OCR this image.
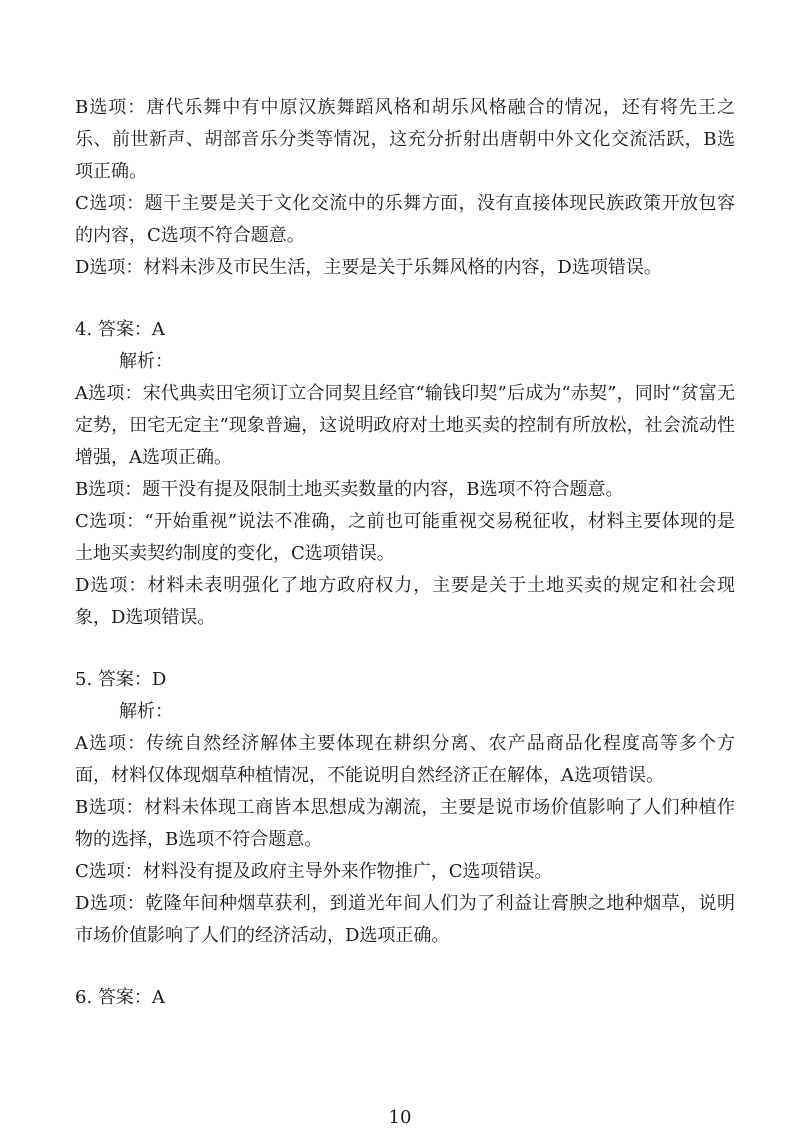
B选项：唐代乐舞中有中原汉族舞蹈风格和胡乐风格融合的情况，还有将先王之乐、前世新声、胡部音乐分类等情况，这充分折射出唐朝中外文化交流活跃，B选项正确。

C选项：题干主要是关于文化交流中的乐舞方面，没有直接体现民族政策开放包容的内容，C选项不符合题意。

D选项：材料未涉及市民生活，主要是关于乐舞风格的内容，D选项错误。

4. 答案：A

解析：

A选项：宋代典卖田宅须订立合同契且经官“输钱印契”后成为“赤契”，同时“贫富无定势，田宅无定主”现象普遍，这说明政府对土地买卖的控制有所放松，社会流动性增强，A选项正确。

B选项：题干没有提及限制土地买卖数量的内容，B选项不符合题意。

C选项：“开始重视”说法不准确，之前也可能重视交易税征收，材料主要体现的是土地买卖契约制度的变化，C选项错误。

D选项：材料未表明强化了地方政府权力，主要是关于土地买卖的规定和社会现象，D选项错误。

5. 答案：D

解析：

A选项：传统自然经济解体主要体现在耕织分离、农产品商品化程度高等多个方面，材料仅体现烟草种植情况，不能说明自然经济正在解体，A选项错误。

B选项：材料未体现工商皆本思想成为潮流，主要是说市场价值影响了人们种植作物的选择，B选项不符合题意。

C选项：材料没有提及政府主导外来作物推广，C选项错误。

D选项：乾隆年间种烟草获利，到道光年间人们为了利益让膏腴之地种烟草，说明市场价值影响了人们的经济活动，D选项正确。

6. 答案：A

10
